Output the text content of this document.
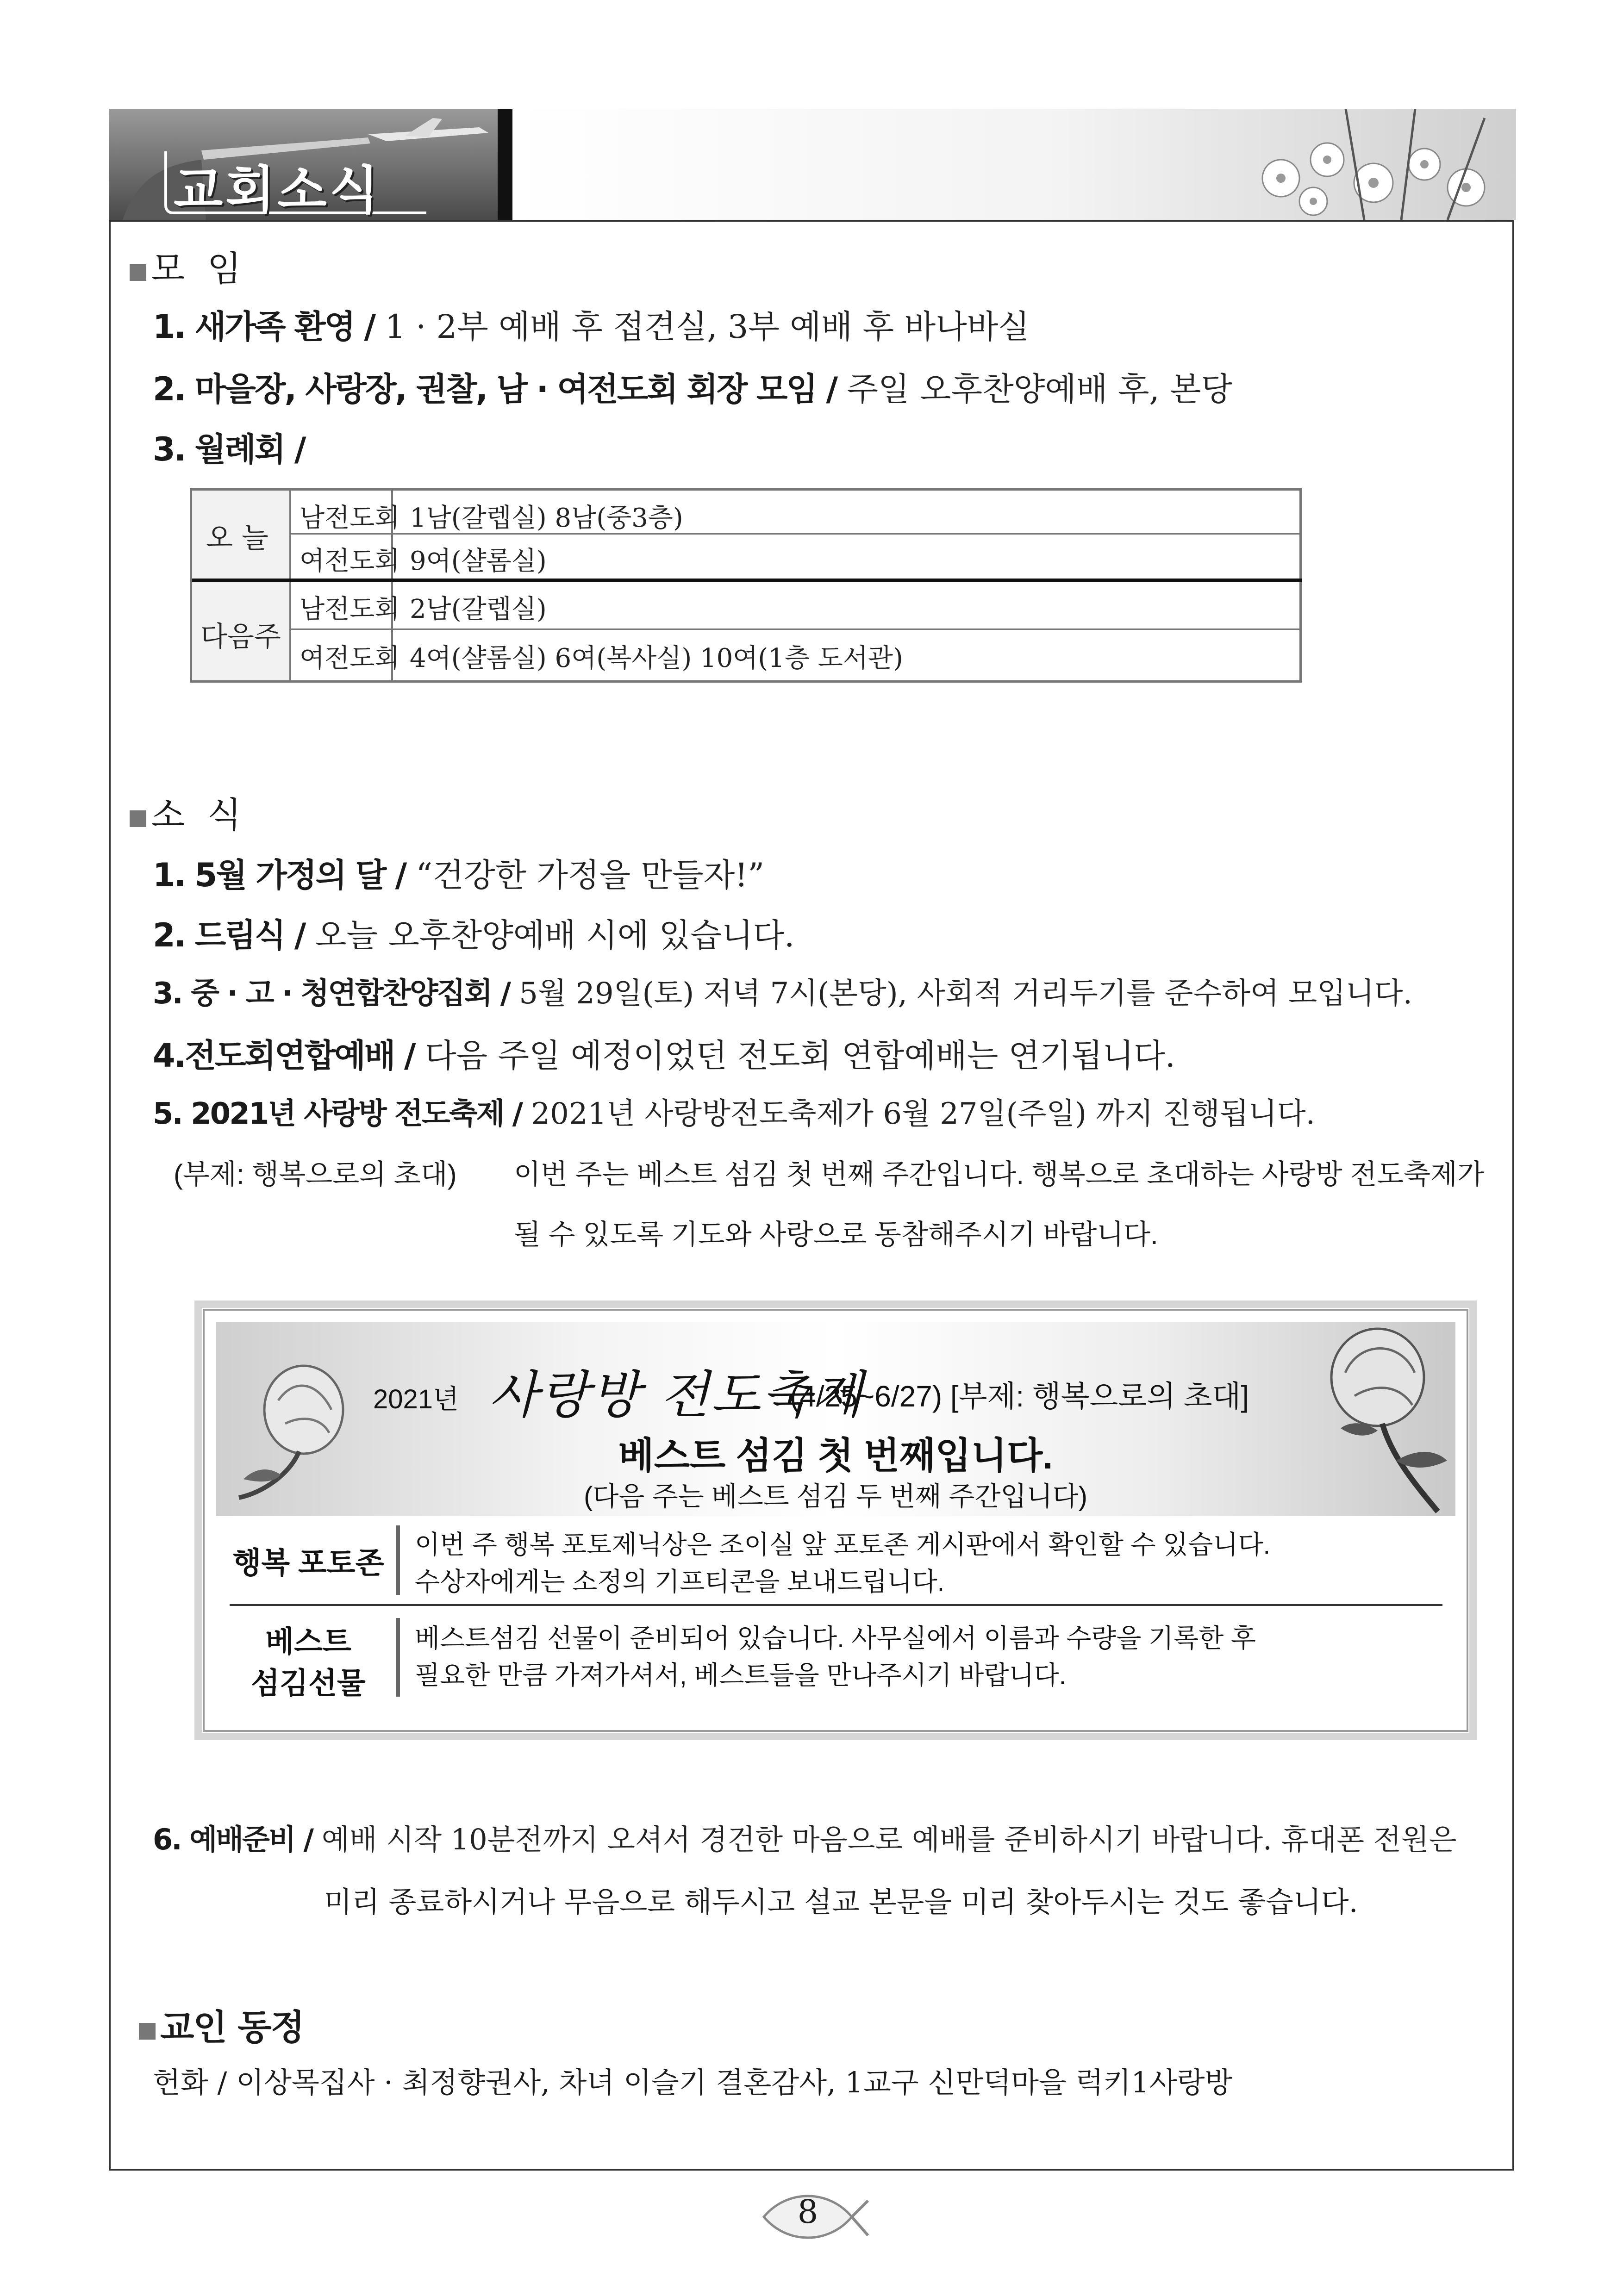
교회소식
모  임
1. 새가족 환영 / 1 · 2부 예배 후 접견실, 3부 예배 후 바나바실
2. 마을장, 사랑장, 권찰, 남 · 여전도회 회장 모임 / 주일 오후찬양예배 후, 본당
3. 월례회 /
오 늘
다음주
남전도회 1남(갈렙실) 8남(중3층)
여전도회 9여(샬롬실)
남전도회 2남(갈렙실)
여전도회 4여(샬롬실) 6여(복사실) 10여(1층 도서관)
소  식
1. 5월 가정의 달 / “건강한 가정을 만들자!”
2. 드림식 / 오늘 오후찬양예배 시에 있습니다.
3. 중 · 고 · 청연합찬양집회 / 5월 29일(토) 저녁 7시(본당), 사회적 거리두기를 준수하여 모입니다.
4.전도회연합예배 / 다음 주일 예정이었던 전도회 연합예배는 연기됩니다.
5. 2021년 사랑방 전도축제 / 2021년 사랑방전도축제가 6월 27일(주일) 까지 진행됩니다.
(부제: 행복으로의 초대) 이번 주는 베스트 섬김 첫 번째 주간입니다. 행복으로 초대하는 사랑방 전도축제가
될 수 있도록 기도와 사랑으로 동참해주시기 바랍니다.
2021년 사랑방 전도축제
(4/25~6/27) [부제: 행복으로의 초대]
베스트 섬김 첫 번째입니다.
(다음 주는 베스트 섬김 두 번째 주간입니다)
행복 포토존
이번 주 행복 포토제닉상은 조이실 앞 포토존 게시판에서 확인할 수 있습니다.
수상자에게는 소정의 기프티콘을 보내드립니다.
베스트
섬김선물
베스트섬김 선물이 준비되어 있습니다. 사무실에서 이름과 수량을 기록한 후
필요한 만큼 가져가셔서, 베스트들을 만나주시기 바랍니다.
6. 예배준비 / 예배 시작 10분전까지 오셔서 경건한 마음으로 예배를 준비하시기 바랍니다. 휴대폰 전원은
미리 종료하시거나 무음으로 해두시고 설교 본문을 미리 찾아두시는 것도 좋습니다.
교인 동정
헌화 / 이상목집사 · 최정향권사, 차녀 이슬기 결혼감사, 1교구 신만덕마을 럭키1사랑방
8
